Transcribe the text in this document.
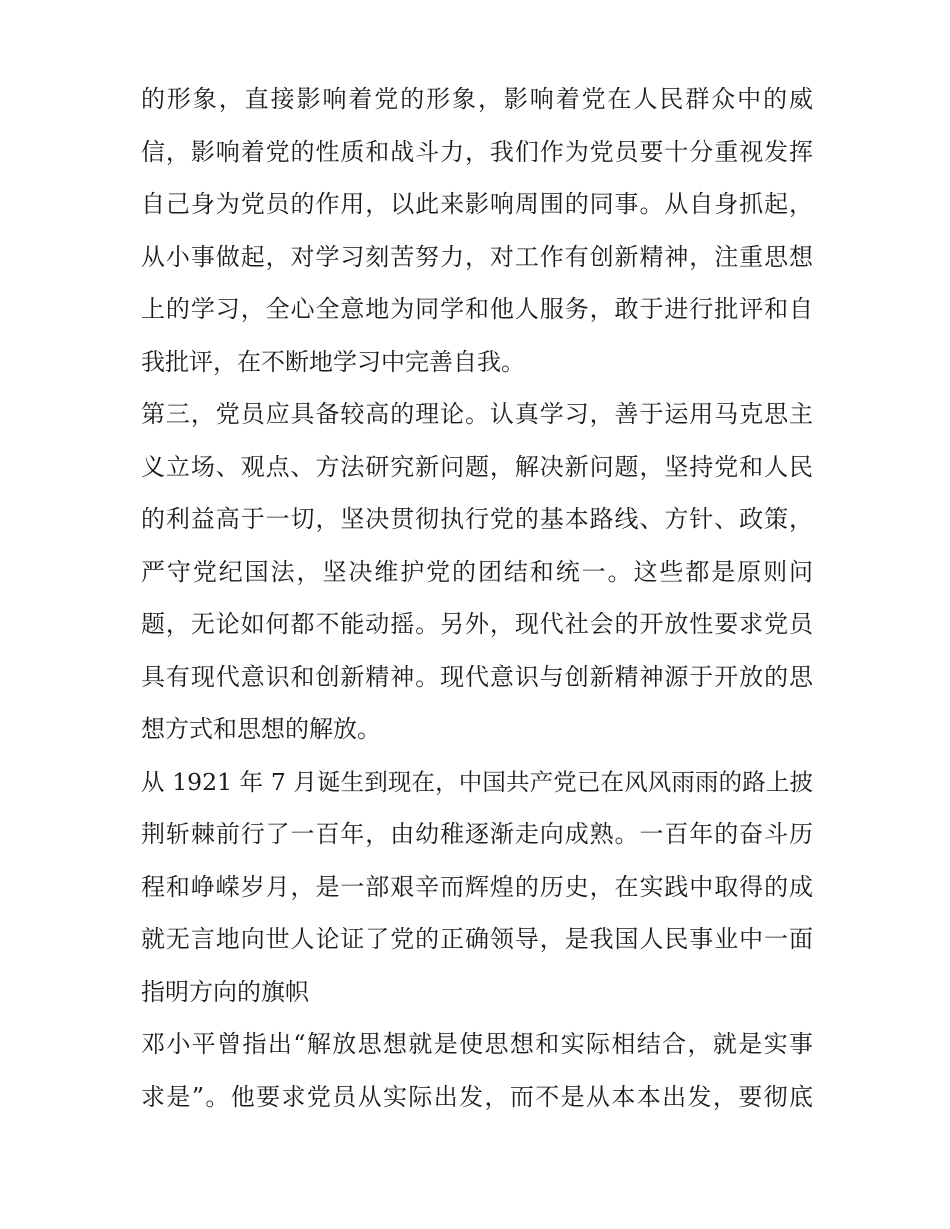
的形象，直接影响着党的形象，影响着党在人民群众中的威
信，影响着党的性质和战斗力，我们作为党员要十分重视发挥
自己身为党员的作用，以此来影响周围的同事。从自身抓起，
从小事做起，对学习刻苦努力，对工作有创新精神，注重思想
上的学习，全心全意地为同学和他人服务，敢于进行批评和自
我批评，在不断地学习中完善自我。
第三，党员应具备较高的理论。认真学习，善于运用马克思主
义立场、观点、方法研究新问题，解决新问题，坚持党和人民
的利益高于一切，坚决贯彻执行党的基本路线、方针、政策，
严守党纪国法，坚决维护党的团结和统一。这些都是原则问
题，无论如何都不能动摇。另外，现代社会的开放性要求党员
具有现代意识和创新精神。现代意识与创新精神源于开放的思
想方式和思想的解放。
从 1921 年 7 月诞生到现在，中国共产党已在风风雨雨的路上披
荆斩棘前行了一百年，由幼稚逐渐走向成熟。一百年的奋斗历
程和峥嵘岁月，是一部艰辛而辉煌的历史，在实践中取得的成
就无言地向世人论证了党的正确领导，是我国人民事业中一面
指明方向的旗帜
邓小平曾指出“解放思想就是使思想和实际相结合，就是实事
求是”。他要求党员从实际出发，而不是从本本出发，要彻底
